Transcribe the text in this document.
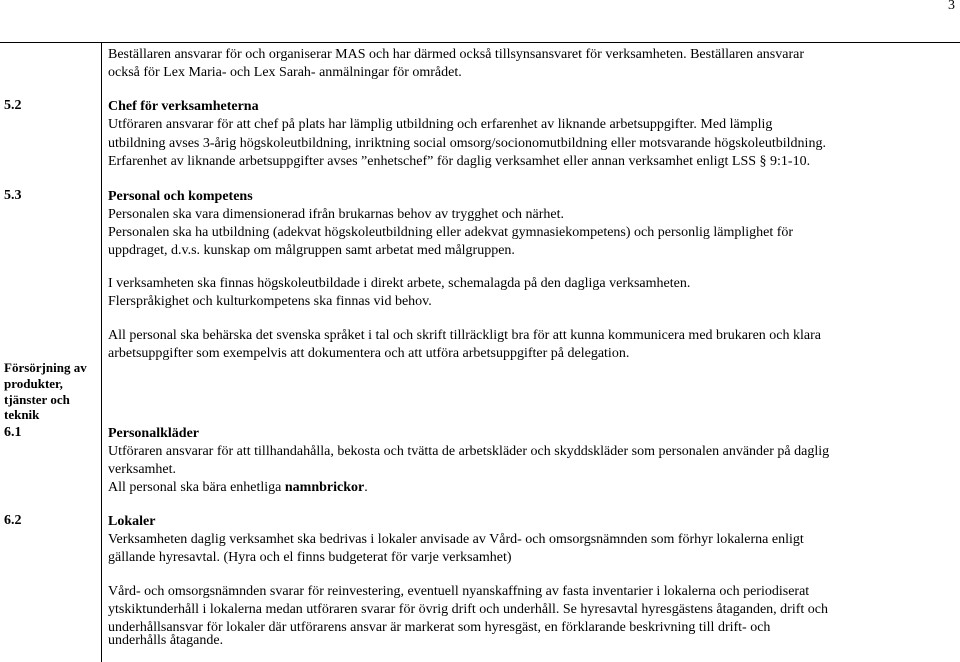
3
Beställaren ansvarar för och organiserar MAS och har därmed också tillsynsansvaret för verksamheten. Beställaren ansvarar
också för Lex Maria- och Lex Sarah- anmälningar för området.
5.2	Chef för verksamheterna
Utföraren ansvarar för att chef på plats har lämplig utbildning och erfarenhet av liknande arbetsuppgifter. Med lämplig
utbildning avses 3-årig högskoleutbildning, inriktning social omsorg/socionomutbildning eller motsvarande högskoleutbildning.
Erfarenhet av liknande arbetsuppgifter avses ”enhetschef” för daglig verksamhet eller annan verksamhet enligt LSS § 9:1-10.
5.3	Personal och kompetens
Personalen ska vara dimensionerad ifrån brukarnas behov av trygghet och närhet.
Personalen ska ha utbildning (adekvat högskoleutbildning eller adekvat gymnasiekompetens) och personlig lämplighet för
uppdraget, d.v.s. kunskap om målgruppen samt arbetat med målgruppen.
I verksamheten ska finnas högskoleutbildade i direkt arbete, schemalagda på den dagliga verksamheten.
Flerspråkighet och kulturkompetens ska finnas vid behov.
All personal ska behärska det svenska språket i tal och skrift tillräckligt bra för att kunna kommunicera med brukaren och klara
arbetsuppgifter som exempelvis att dokumentera och att utföra arbetsuppgifter på delegation.
Försörjning av
produkter,
tjänster och
teknik
6.1	Personalkläder
Utföraren ansvarar för att tillhandahålla, bekosta och tvätta de arbetskläder och skyddskläder som personalen använder på daglig
verksamhet.
All personal ska bära enhetliga namnbrickor.
6.2	Lokaler
Verksamheten daglig verksamhet ska bedrivas i lokaler anvisade av Vård- och omsorgsnämnden som förhyr lokalerna enligt
gällande hyresavtal. (Hyra och el finns budgeterat för varje verksamhet)
Vård- och omsorgsnämnden svarar för reinvestering, eventuell nyanskaffning av fasta inventarier i lokalerna och periodiserat
ytskiktunderhåll i lokalerna medan utföraren svarar för övrig drift och underhåll. Se hyresavtal hyresgästens åtaganden, drift och
underhållsansvar för lokaler där utförarens ansvar är markerat som hyresgäst, en förklarande beskrivning till drift- och
underhålls åtagande.
